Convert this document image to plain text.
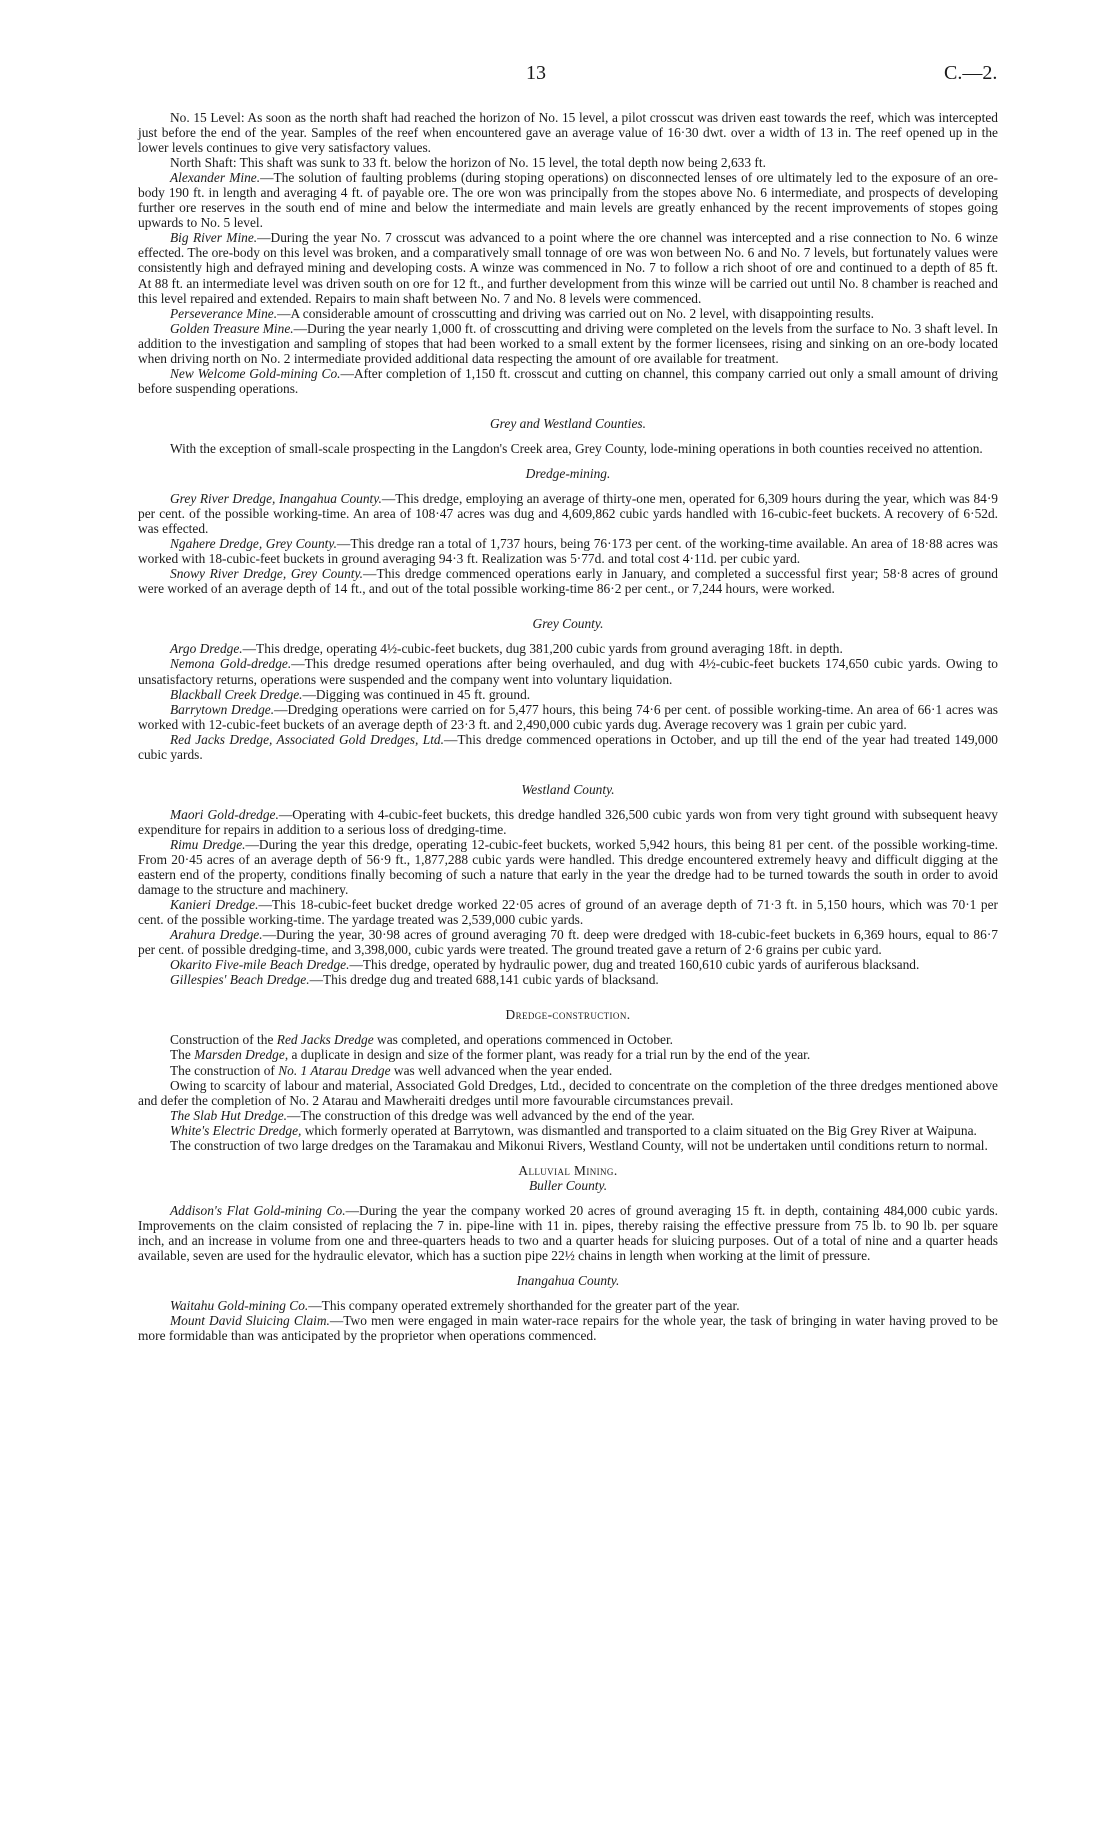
13	C.—2.

No. 15 Level: As soon as the north shaft had reached the horizon of No. 15 level, a pilot crosscut was driven east towards the reef, which was intercepted just before the end of the year. Samples of the reef when encountered gave an average value of 16·30 dwt. over a width of 13 in. The reef opened up in the lower levels continues to give very satisfactory values.

North Shaft: This shaft was sunk to 33 ft. below the horizon of No. 15 level, the total depth now being 2,633 ft.

Alexander Mine.—The solution of faulting problems (during stoping operations) on disconnected lenses of ore ultimately led to the exposure of an ore-body 190 ft. in length and averaging 4 ft. of payable ore. The ore won was principally from the stopes above No. 6 intermediate, and prospects of developing further ore reserves in the south end of mine and below the intermediate and main levels are greatly enhanced by the recent improvements of stopes going upwards to No. 5 level.

Big River Mine.—During the year No. 7 crosscut was advanced to a point where the ore channel was intercepted and a rise connection to No. 6 winze effected. The ore-body on this level was broken, and a comparatively small tonnage of ore was won between No. 6 and No. 7 levels, but fortunately values were consistently high and defrayed mining and developing costs. A winze was commenced in No. 7 to follow a rich shoot of ore and continued to a depth of 85 ft. At 88 ft. an intermediate level was driven south on ore for 12 ft., and further development from this winze will be carried out until No. 8 chamber is reached and this level repaired and extended. Repairs to main shaft between No. 7 and No. 8 levels were commenced.

Perseverance Mine.—A considerable amount of crosscutting and driving was carried out on No. 2 level, with disappointing results.

Golden Treasure Mine.—During the year nearly 1,000 ft. of crosscutting and driving were completed on the levels from the surface to No. 3 shaft level. In addition to the investigation and sampling of stopes that had been worked to a small extent by the former licensees, rising and sinking on an ore-body located when driving north on No. 2 intermediate provided additional data respecting the amount of ore available for treatment.

New Welcome Gold-mining Co.—After completion of 1,150 ft. crosscut and cutting on channel, this company carried out only a small amount of driving before suspending operations.

Grey and Westland Counties.

With the exception of small-scale prospecting in the Langdon's Creek area, Grey County, lode-mining operations in both counties received no attention.

Dredge-mining.

Grey River Dredge, Inangahua County.—This dredge, employing an average of thirty-one men, operated for 6,309 hours during the year, which was 84·9 per cent. of the possible working-time. An area of 108·47 acres was dug and 4,609,862 cubic yards handled with 16-cubic-feet buckets. A recovery of 6·52d. was effected.

Ngahere Dredge, Grey County.—This dredge ran a total of 1,737 hours, being 76·173 per cent. of the working-time available. An area of 18·88 acres was worked with 18-cubic-feet buckets in ground averaging 94·3 ft. Realization was 5·77d. and total cost 4·11d. per cubic yard.

Snowy River Dredge, Grey County.—This dredge commenced operations early in January, and completed a successful first year; 58·8 acres of ground were worked of an average depth of 14 ft., and out of the total possible working-time 86·2 per cent., or 7,244 hours, were worked.

Grey County.

Argo Dredge.—This dredge, operating 4½-cubic-feet buckets, dug 381,200 cubic yards from ground averaging 18ft. in depth.

Nemona Gold-dredge.—This dredge resumed operations after being overhauled, and dug with 4½-cubic-feet buckets 174,650 cubic yards. Owing to unsatisfactory returns, operations were suspended and the company went into voluntary liquidation.

Blackball Creek Dredge.—Digging was continued in 45 ft. ground.

Barrytown Dredge.—Dredging operations were carried on for 5,477 hours, this being 74·6 per cent. of possible working-time. An area of 66·1 acres was worked with 12-cubic-feet buckets of an average depth of 23·3 ft. and 2,490,000 cubic yards dug. Average recovery was 1 grain per cubic yard.

Red Jacks Dredge, Associated Gold Dredges, Ltd.—This dredge commenced operations in October, and up till the end of the year had treated 149,000 cubic yards.

Westland County.

Maori Gold-dredge.—Operating with 4-cubic-feet buckets, this dredge handled 326,500 cubic yards won from very tight ground with subsequent heavy expenditure for repairs in addition to a serious loss of dredging-time.

Rimu Dredge.—During the year this dredge, operating 12-cubic-feet buckets, worked 5,942 hours, this being 81 per cent. of the possible working-time. From 20·45 acres of an average depth of 56·9 ft., 1,877,288 cubic yards were handled. This dredge encountered extremely heavy and difficult digging at the eastern end of the property, conditions finally becoming of such a nature that early in the year the dredge had to be turned towards the south in order to avoid damage to the structure and machinery.

Kanieri Dredge.—This 18-cubic-feet bucket dredge worked 22·05 acres of ground of an average depth of 71·3 ft. in 5,150 hours, which was 70·1 per cent. of the possible working-time. The yardage treated was 2,539,000 cubic yards.

Arahura Dredge.—During the year, 30·98 acres of ground averaging 70 ft. deep were dredged with 18-cubic-feet buckets in 6,369 hours, equal to 86·7 per cent. of possible dredging-time, and 3,398,000, cubic yards were treated. The ground treated gave a return of 2·6 grains per cubic yard.

Okarito Five-mile Beach Dredge.—This dredge, operated by hydraulic power, dug and treated 160,610 cubic yards of auriferous blacksand.

Gillespies' Beach Dredge.—This dredge dug and treated 688,141 cubic yards of blacksand.

Dredge-construction.

Construction of the Red Jacks Dredge was completed, and operations commenced in October.

The Marsden Dredge, a duplicate in design and size of the former plant, was ready for a trial run by the end of the year.

The construction of No. 1 Atarau Dredge was well advanced when the year ended.

Owing to scarcity of labour and material, Associated Gold Dredges, Ltd., decided to concentrate on the completion of the three dredges mentioned above and defer the completion of No. 2 Atarau and Mawheraiti dredges until more favourable circumstances prevail.

The Slab Hut Dredge.—The construction of this dredge was well advanced by the end of the year.

White's Electric Dredge, which formerly operated at Barrytown, was dismantled and transported to a claim situated on the Big Grey River at Waipuna.

The construction of two large dredges on the Taramakau and Mikonui Rivers, Westland County, will not be undertaken until conditions return to normal.

Alluvial Mining.
Buller County.

Addison's Flat Gold-mining Co.—During the year the company worked 20 acres of ground averaging 15 ft. in depth, containing 484,000 cubic yards. Improvements on the claim consisted of replacing the 7 in. pipe-line with 11 in. pipes, thereby raising the effective pressure from 75 lb. to 90 lb. per square inch, and an increase in volume from one and three-quarters heads to two and a quarter heads for sluicing purposes. Out of a total of nine and a quarter heads available, seven are used for the hydraulic elevator, which has a suction pipe 22½ chains in length when working at the limit of pressure.

Inangahua County.

Waitahu Gold-mining Co.—This company operated extremely shorthanded for the greater part of the year.

Mount David Sluicing Claim.—Two men were engaged in main water-race repairs for the whole year, the task of bringing in water having proved to be more formidable than was anticipated by the proprietor when operations commenced.
